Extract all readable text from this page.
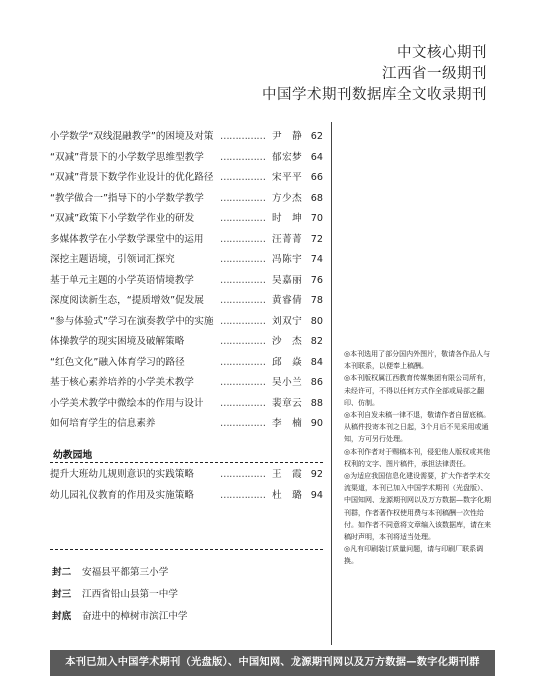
中文核心期刊
江西省一级期刊
中国学术期刊数据库全文收录期刊
小学数学“双线混融教学”的困境及对策 …………… 尹　静 62
“双减”背景下的小学数学思维型教学 …………… 郁宏梦 64
“双减”背景下数学作业设计的优化路径 …………… 宋平平 66
“教学做合一”指导下的小学数学教学 …………… 方少杰 68
“双减”政策下小学数学作业的研发	…………… 时　坤 70
多媒体教学在小学数学课堂中的运用 …………… 汪菁菁 72
深挖主题语境，引领词汇探究	…………… 冯陈宇 74
基于单元主题的小学英语情境教学	…………… 吴嘉丽 76
深度阅读新生态，“提质增效”促发展 …………… 黄睿倩 78
“参与体验式”学习在演奏教学中的实施 …………… 刘双宁 80
体操教学的现实困境及破解策略	…………… 沙　杰 82
“红色文化”融入体育学习的路径	…………… 邱　焱 84
基于核心素养培养的小学美术教学	…………… 吴小兰 86
小学美术教学中微绘本的作用与设计 …………… 裴章云 88
如何培育学生的信息素养	…………… 李　楠 90
幼教园地
提升大班幼儿规则意识的实践策略	…………… 王　霞 92
幼儿园礼仪教育的作用及实施策略	…………… 杜　璐 94
封二 安福县平都第三小学
封三 江西省铅山县第一中学
封底 奋进中的樟树市滨江中学

◎本刊选用了部分国内外图片，敬请各作品人与本刊联系，以便奉上稿酬。

◎本刊版权属江西教育传媒集团有限公司所有，未经许可，不得以任何方式作全部或局部之翻印、仿制。

◎本刊自发未稿一律不退，敬请作者自留底稿。从稿件投寄本刊之日起，3个月后不见采用或通知，方可另行处理。

◎本刊作者对于赐稿本刊，侵犯他人版权或其他权利的文字、图片稿件，承担法律责任。

◎为适应我国信息化建设需要，扩大作者学术交流渠道，本刊已加入中国学术期刊（光盘版）、中国知网、龙源期刊网以及万方数据—数字化期刊群，作者著作权使用费与本刊稿酬一次性给付。如作者不同意将文章编入该数据库，请在来稿时声明，本刊将适当处理。

◎凡有印刷装订质量问题，请与印刷厂联系调换。

本刊已加入中国学术期刊（光盘版）、中国知网、龙源期刊网以及万方数据—数字化期刊群
